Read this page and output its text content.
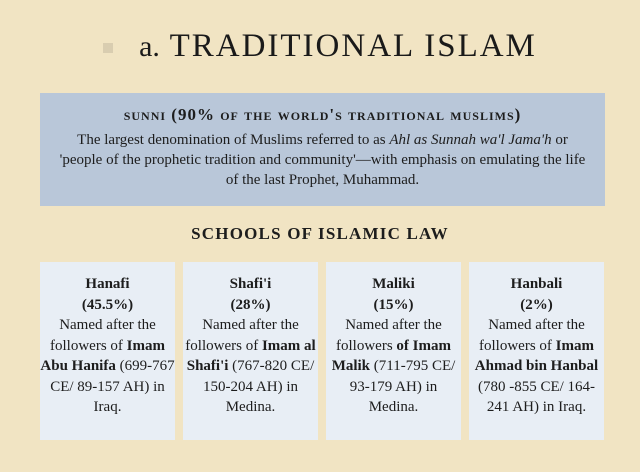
a. TRADITIONAL ISLAM
sunni (90% of the world's traditional muslims)
The largest denomination of Muslims referred to as Ahl as Sunnah wa'l Jama'h or 'people of the prophetic tradition and community'—with emphasis on emulating the life of the last Prophet, Muhammad.
SCHOOLS OF ISLAMIC LAW
Hanafi
(45.5%)
Named after the followers of Imam Abu Hanifa (699-767 CE/ 89-157 AH) in Iraq.
Shafi'i
(28%)
Named after the followers of Imam al Shafi'i (767-820 CE/ 150-204 AH) in Medina.
Maliki
(15%)
Named after the followers of Imam Malik (711-795 CE/ 93-179 AH) in Medina.
Hanbali
(2%)
Named after the followers of Imam Ahmad bin Hanbal (780 -855 CE/ 164-241 AH) in Iraq.
